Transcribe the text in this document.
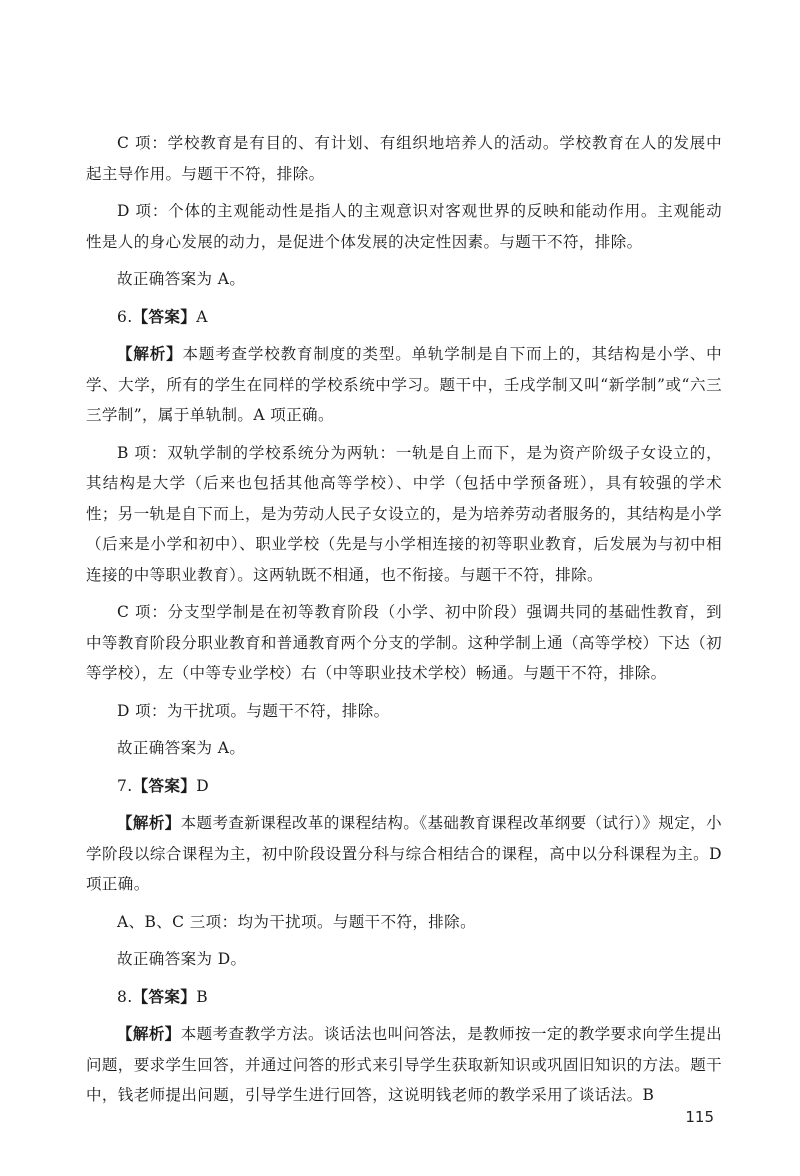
C 项：学校教育是有目的、有计划、有组织地培养人的活动。学校教育在人的发展中起主导作用。与题干不符，排除。

D 项：个体的主观能动性是指人的主观意识对客观世界的反映和能动作用。主观能动性是人的身心发展的动力，是促进个体发展的决定性因素。与题干不符，排除。

故正确答案为 A。

6.【答案】A

【解析】本题考查学校教育制度的类型。单轨学制是自下而上的，其结构是小学、中学、大学，所有的学生在同样的学校系统中学习。题干中，壬戌学制又叫“新学制”或“六三三学制”，属于单轨制。A 项正确。

B 项：双轨学制的学校系统分为两轨：一轨是自上而下，是为资产阶级子女设立的，其结构是大学（后来也包括其他高等学校）、中学（包括中学预备班），具有较强的学术性；另一轨是自下而上，是为劳动人民子女设立的，是为培养劳动者服务的，其结构是小学（后来是小学和初中）、职业学校（先是与小学相连接的初等职业教育，后发展为与初中相连接的中等职业教育）。这两轨既不相通，也不衔接。与题干不符，排除。

C 项：分支型学制是在初等教育阶段（小学、初中阶段）强调共同的基础性教育，到中等教育阶段分职业教育和普通教育两个分支的学制。这种学制上通（高等学校）下达（初等学校），左（中等专业学校）右（中等职业技术学校）畅通。与题干不符，排除。

D 项：为干扰项。与题干不符，排除。

故正确答案为 A。

7.【答案】D

【解析】本题考查新课程改革的课程结构。《基础教育课程改革纲要（试行）》规定，小学阶段以综合课程为主，初中阶段设置分科与综合相结合的课程，高中以分科课程为主。D 项正确。

A、B、C 三项：均为干扰项。与题干不符，排除。

故正确答案为 D。

8.【答案】B

【解析】本题考查教学方法。谈话法也叫问答法，是教师按一定的教学要求向学生提出问题，要求学生回答，并通过问答的形式来引导学生获取新知识或巩固旧知识的方法。题干中，钱老师提出问题，引导学生进行回答，这说明钱老师的教学采用了谈话法。B

115
